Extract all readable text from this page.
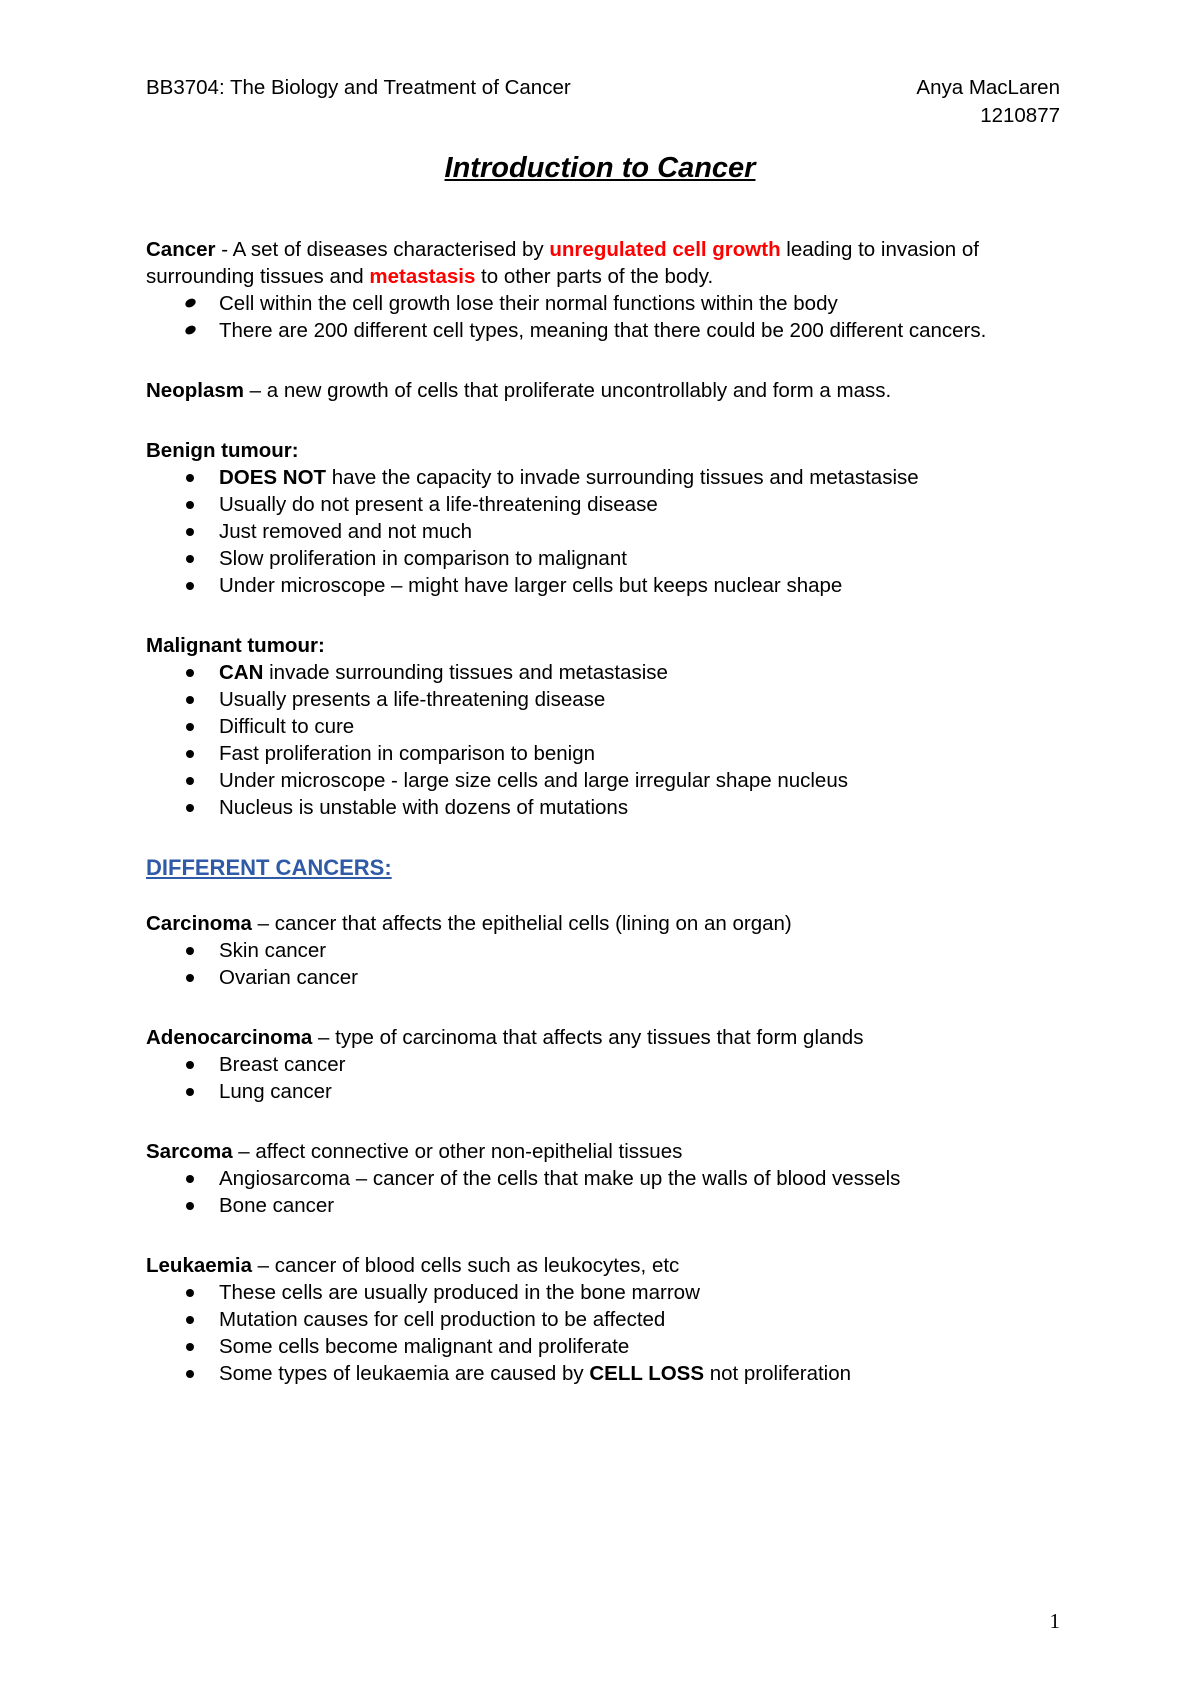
BB3704: The Biology and Treatment of Cancer	Anya MacLaren
1210877
Introduction to Cancer

Cancer - A set of diseases characterised by unregulated cell growth leading to invasion of surrounding tissues and metastasis to other parts of the body.

Cell within the cell growth lose their normal functions within the body
There are 200 different cell types, meaning that there could be 200 different cancers.

Neoplasm – a new growth of cells that proliferate uncontrollably and form a mass.

Benign tumour:

DOES NOT have the capacity to invade surrounding tissues and metastasise
Usually do not present a life-threatening disease
Just removed and not much
Slow proliferation in comparison to malignant
Under microscope – might have larger cells but keeps nuclear shape

Malignant tumour:

CAN invade surrounding tissues and metastasise
Usually presents a life-threatening disease
Difficult to cure
Fast proliferation in comparison to benign
Under microscope - large size cells and large irregular shape nucleus
Nucleus is unstable with dozens of mutations

DIFFERENT CANCERS:

Carcinoma – cancer that affects the epithelial cells (lining on an organ)

Skin cancer
Ovarian cancer

Adenocarcinoma – type of carcinoma that affects any tissues that form glands

Breast cancer
Lung cancer

Sarcoma – affect connective or other non-epithelial tissues

Angiosarcoma – cancer of the cells that make up the walls of blood vessels
Bone cancer

Leukaemia – cancer of blood cells such as leukocytes, etc

These cells are usually produced in the bone marrow
Mutation causes for cell production to be affected
Some cells become malignant and proliferate
Some types of leukaemia are caused by CELL LOSS not proliferation
1
